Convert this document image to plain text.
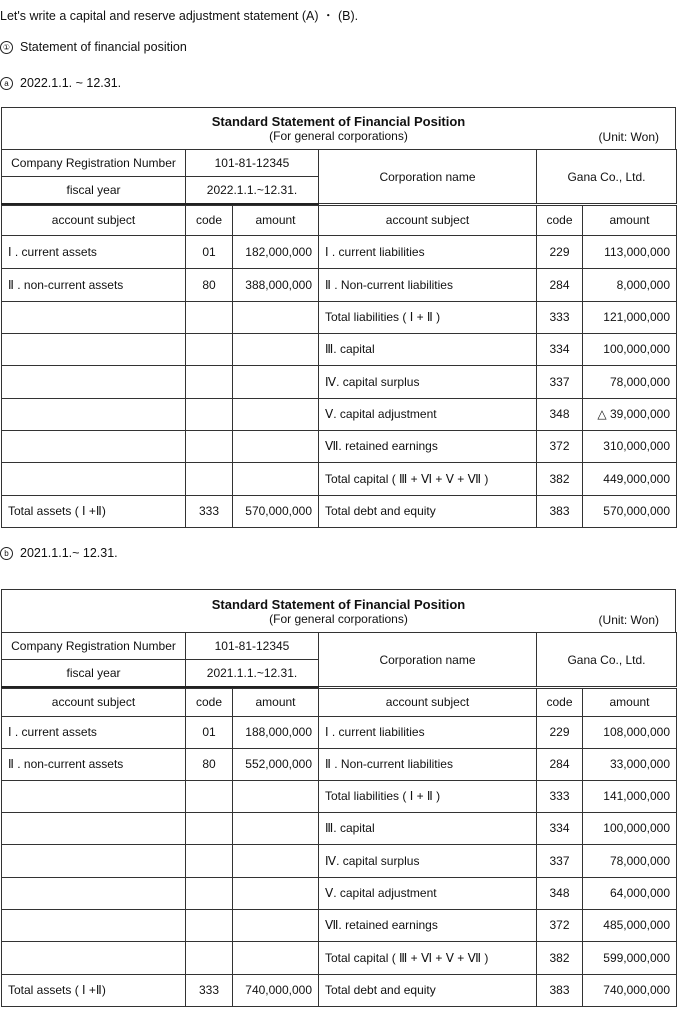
Let's write a capital and reserve adjustment statement (A) ・ (B).
① Statement of financial position
a 2022.1.1. ~ 12.31.
Standard Statement of Financial Position
(For general corporations)	(Unit: Won)
Company Registration Number	101-81-12345	Corporation name	Gana Co., Ltd.
fiscal year	2022.1.1.~12.31.		
account subject	code	amount	account subject	code	amount
Ⅰ . current assets	01	182,000,000	Ⅰ . current liabilities	229	113,000,000
Ⅱ . non-current assets	80	388,000,000	Ⅱ . Non-current liabilities	284	8,000,000
			Total liabilities ( Ⅰ + Ⅱ )	333	121,000,000
			Ⅲ. capital	334	100,000,000
			Ⅳ. capital surplus	337	78,000,000
			Ⅴ. capital adjustment	348	△ 39,000,000
			Ⅶ. retained earnings	372	310,000,000
			Total capital ( Ⅲ + Ⅵ + Ⅴ + Ⅶ )	382	449,000,000
Total assets ( Ⅰ +Ⅱ)	333	570,000,000	Total debt and equity	383	570,000,000
b 2021.1.1.~ 12.31.
Standard Statement of Financial Position
(For general corporations)	(Unit: Won)
Company Registration Number	101-81-12345	Corporation name	Gana Co., Ltd.
fiscal year	2021.1.1.~12.31.		
account subject	code	amount	account subject	code	amount
Ⅰ . current assets	01	188,000,000	Ⅰ . current liabilities	229	108,000,000
Ⅱ . non-current assets	80	552,000,000	Ⅱ . Non-current liabilities	284	33,000,000
			Total liabilities ( Ⅰ + Ⅱ )	333	141,000,000
			Ⅲ. capital	334	100,000,000
			Ⅳ. capital surplus	337	78,000,000
			Ⅴ. capital adjustment	348	64,000,000
			Ⅶ. retained earnings	372	485,000,000
			Total capital ( Ⅲ + Ⅵ + Ⅴ + Ⅶ )	382	599,000,000
Total assets ( Ⅰ +Ⅱ)	333	740,000,000	Total debt and equity	383	740,000,000
